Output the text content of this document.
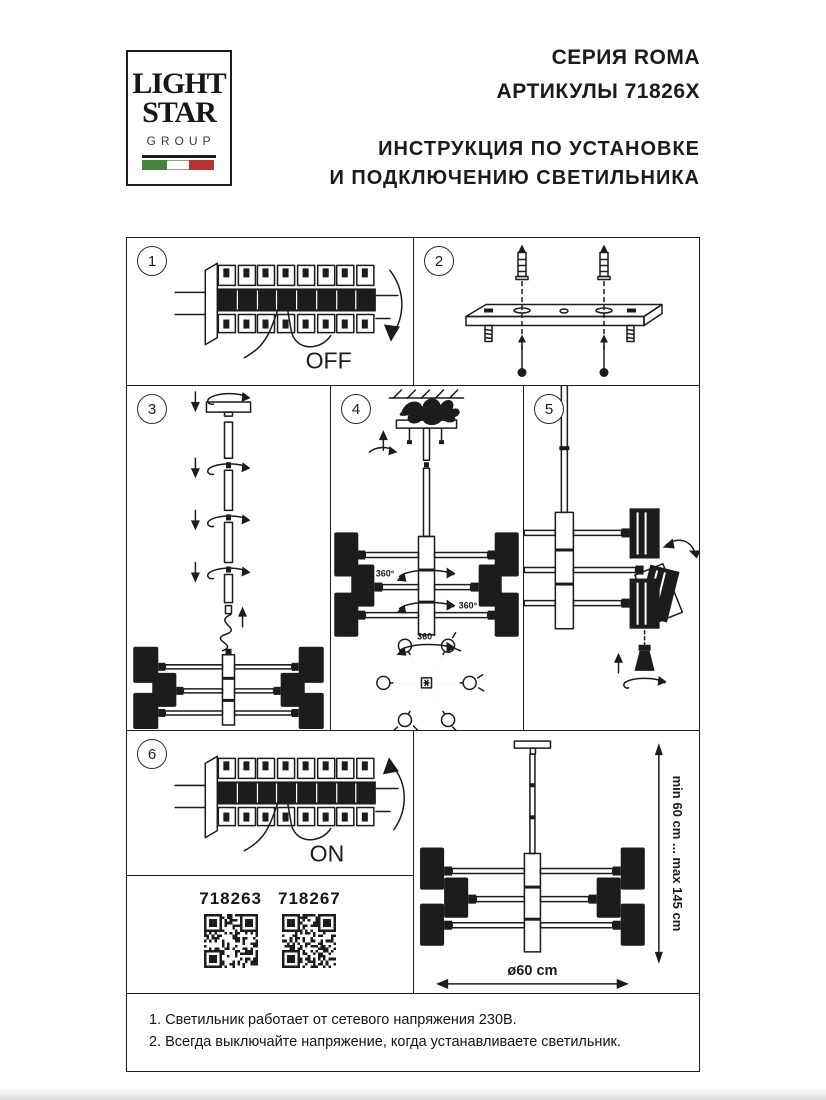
LIGHT
STAR
GROUP
СЕРИЯ ROMA
АРТИКУЛЫ 71826X
ИНСТРУКЦИЯ ПО УСТАНОВКЕ
И ПОДКЛЮЧЕНИЮ СВЕТИЛЬНИКА
1
OFF
2
3	4
360°
360°
360°
5
6
ON
718263 718267	min 60 cm ... max 145 cm
ø60 cm
1. Светильник работает от сетевого напряжения 230В.
2. Всегда выключайте напряжение, когда устанавливаете светильник.
